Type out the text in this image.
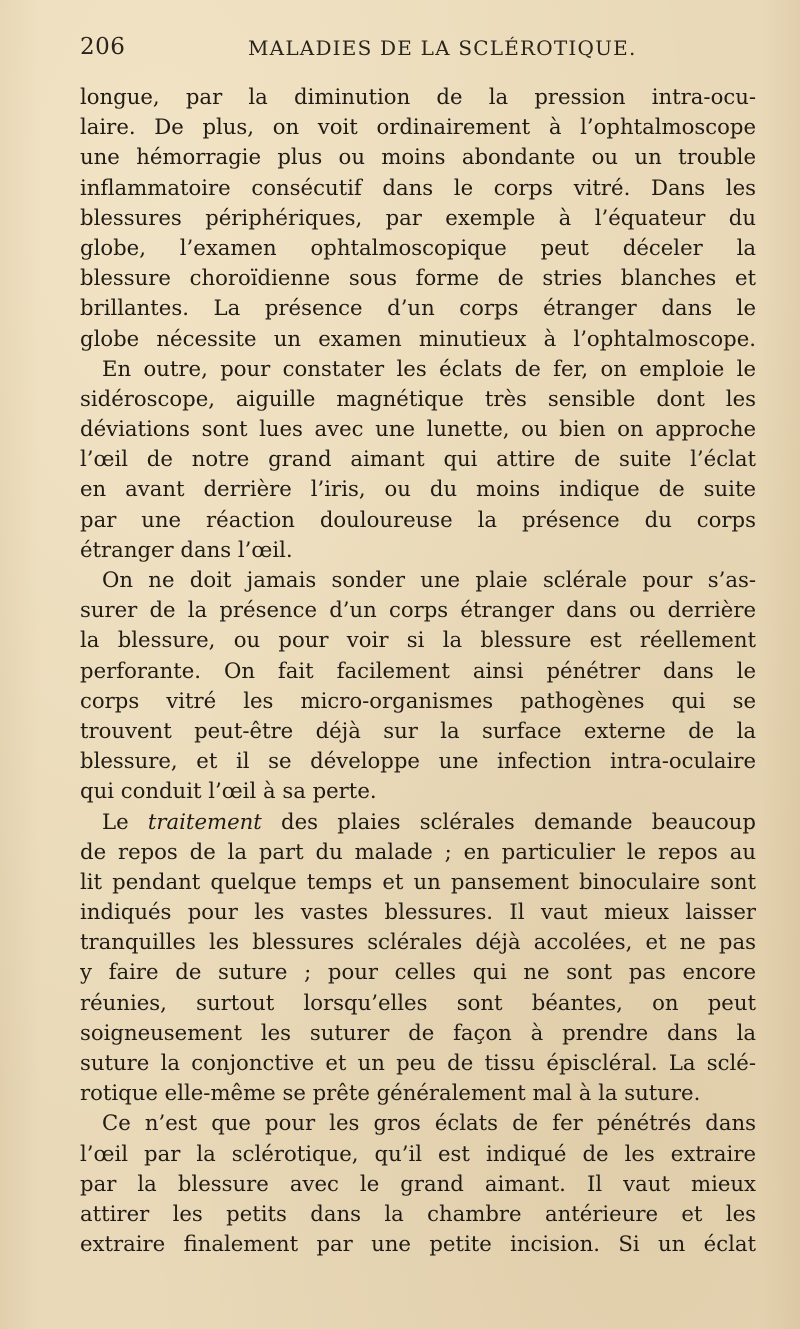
206	MALADIES DE LA SCLÉROTIQUE.
longue, par la diminution de la pression intra-ocu-
laire. De plus, on voit ordinairement à l’ophtalmoscope
une hémorragie plus ou moins abondante ou un trouble
inflammatoire consécutif dans le corps vitré. Dans les
blessures périphériques, par exemple à l’équateur du
globe, l’examen ophtalmoscopique peut déceler la
blessure choroïdienne sous forme de stries blanches et
brillantes. La présence d’un corps étranger dans le
globe nécessite un examen minutieux à l’ophtalmoscope.
En outre, pour constater les éclats de fer, on emploie le
sidéroscope, aiguille magnétique très sensible dont les
déviations sont lues avec une lunette, ou bien on approche
l’œil de notre grand aimant qui attire de suite l’éclat
en avant derrière l’iris, ou du moins indique de suite
par une réaction douloureuse la présence du corps
étranger dans l’œil.
On ne doit jamais sonder une plaie sclérale pour s’as-
surer de la présence d’un corps étranger dans ou derrière
la blessure, ou pour voir si la blessure est réellement
perforante. On fait facilement ainsi pénétrer dans le
corps vitré les micro-organismes pathogènes qui se
trouvent peut-être déjà sur la surface externe de la
blessure, et il se développe une infection intra-oculaire
qui conduit l’œil à sa perte.
Le traitement des plaies sclérales demande beaucoup
de repos de la part du malade ; en particulier le repos au
lit pendant quelque temps et un pansement binoculaire sont
indiqués pour les vastes blessures. Il vaut mieux laisser
tranquilles les blessures sclérales déjà accolées, et ne pas
y faire de suture ; pour celles qui ne sont pas encore
réunies, surtout lorsqu’elles sont béantes, on peut
soigneusement les suturer de façon à prendre dans la
suture la conjonctive et un peu de tissu épiscléral. La sclé-
rotique elle-même se prête généralement mal à la suture.
Ce n’est que pour les gros éclats de fer pénétrés dans
l’œil par la sclérotique, qu’il est indiqué de les extraire
par la blessure avec le grand aimant. Il vaut mieux
attirer les petits dans la chambre antérieure et les
extraire finalement par une petite incision. Si un éclat
